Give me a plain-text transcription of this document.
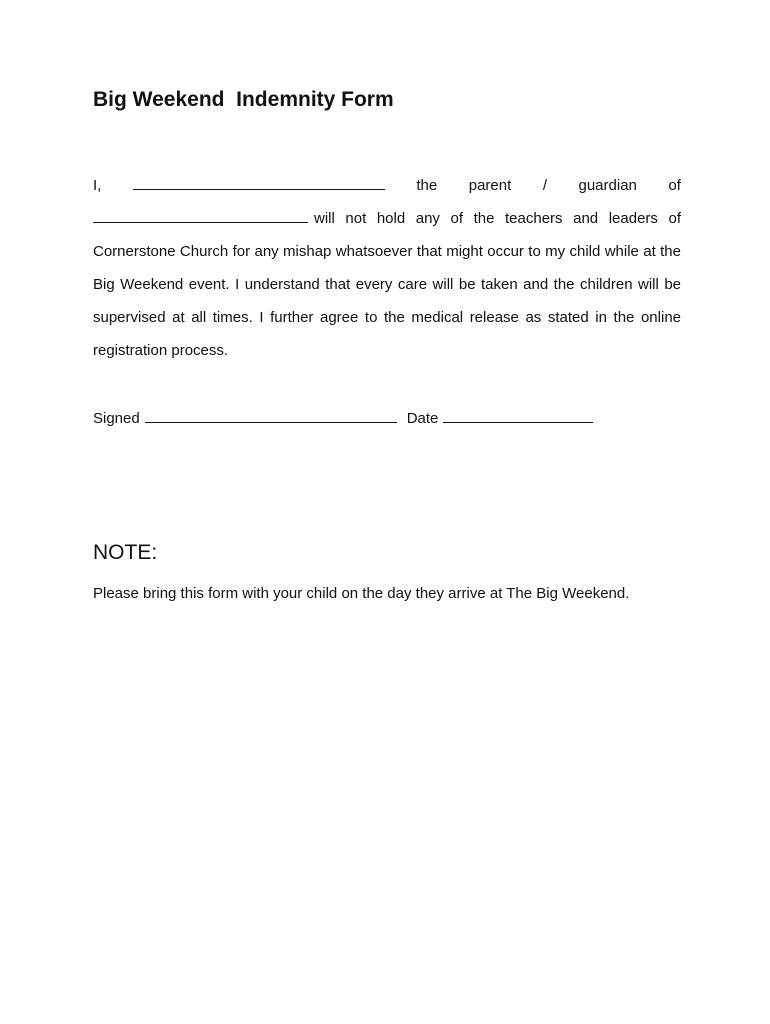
Big Weekend  Indemnity Form
I,	the parent / guardian of

will not hold any of the teachers and leaders of Cornerstone Church for any mishap whatsoever that might occur to my child while at the Big Weekend event. I understand that every care will be taken and the children will be supervised at all times. I further agree to the medical release as stated in the online registration process.

Signed	Date
NOTE:

Please bring this form with your child on the day they arrive at The Big Weekend.
